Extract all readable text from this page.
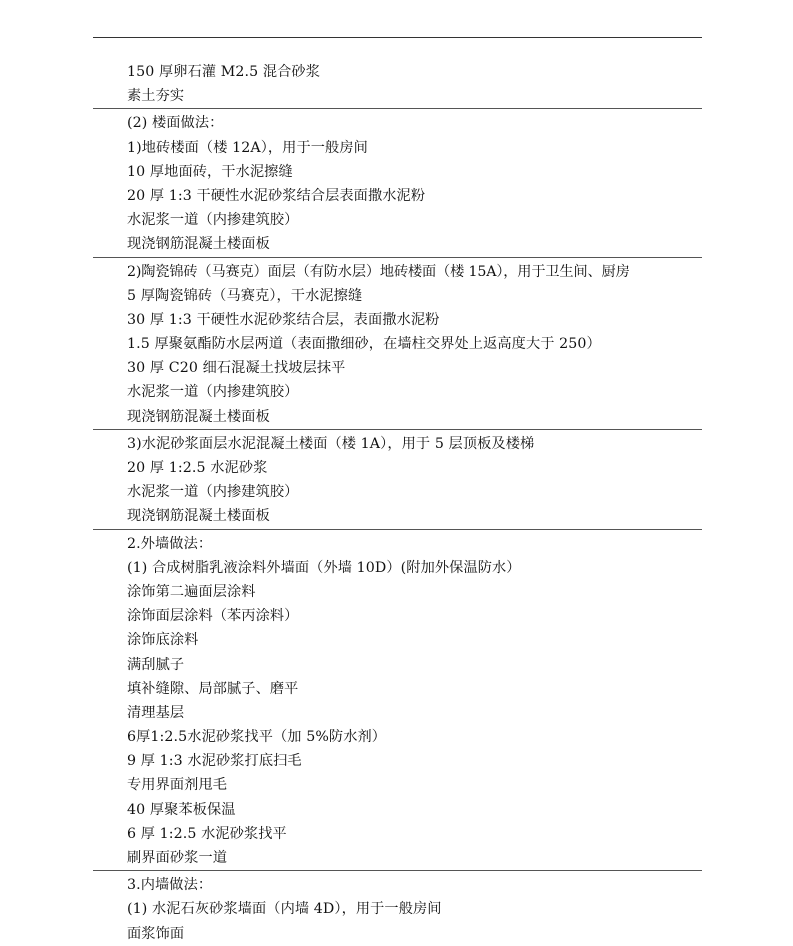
150 厚卵石灌 M2.5 混合砂浆
素土夯实
(2) 楼面做法：
1)地砖楼面（楼 12A），用于一般房间
10 厚地面砖，干水泥擦缝
20 厚 1:3 干硬性水泥砂浆结合层表面撒水泥粉
水泥浆一道（内掺建筑胶）
现浇钢筋混凝土楼面板
2)陶瓷锦砖（马赛克）面层（有防水层）地砖楼面（楼 15A），用于卫生间、厨房
5 厚陶瓷锦砖（马赛克），干水泥擦缝
30 厚 1:3 干硬性水泥砂浆结合层，表面撒水泥粉
1.5 厚聚氨酯防水层两道（表面撒细砂，在墙柱交界处上返高度大于 250）
30 厚 C20 细石混凝土找坡层抹平
水泥浆一道（内掺建筑胶）
现浇钢筋混凝土楼面板
3)水泥砂浆面层水泥混凝土楼面（楼 1A），用于 5 层顶板及楼梯
20 厚 1:2.5 水泥砂浆
水泥浆一道（内掺建筑胶）
现浇钢筋混凝土楼面板
2.外墙做法：
(1) 合成树脂乳液涂料外墙面（外墙 10D）(附加外保温防水）
涂饰第二遍面层涂料
涂饰面层涂料（苯丙涂料）
涂饰底涂料
满刮腻子
填补缝隙、局部腻子、磨平
清理基层
6厚1:2.5水泥砂浆找平（加 5%防水剂）
9 厚 1:3 水泥砂浆打底扫毛
专用界面剂甩毛
40 厚聚苯板保温
6 厚 1:2.5 水泥砂浆找平
刷界面砂浆一道
3.内墙做法：
(1) 水泥石灰砂浆墙面（内墙 4D），用于一般房间
面浆饰面
